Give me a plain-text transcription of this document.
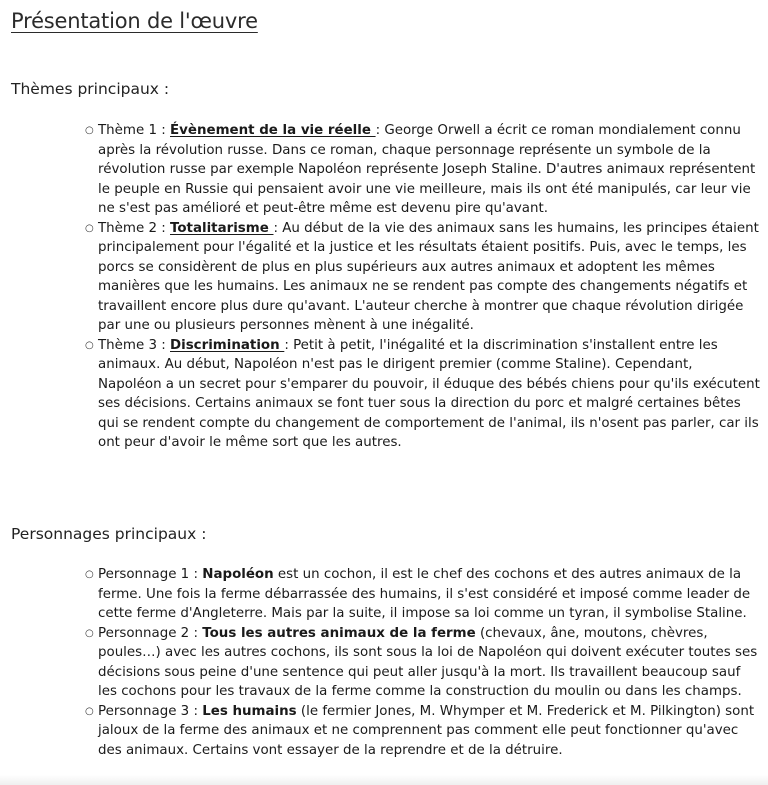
Présentation de l'œuvre
Thèmes principaux :
○ Thème 1 : Évènement de la vie réelle : George Orwell a écrit ce roman mondialement connu après la révolution russe. Dans ce roman, chaque personnage représente un symbole de la révolution russe par exemple Napoléon représente Joseph Staline. D'autres animaux représentent le peuple en Russie qui pensaient avoir une vie meilleure, mais ils ont été manipulés, car leur vie ne s'est pas amélioré et peut-être même est devenu pire qu'avant.
○ Thème 2 : Totalitarisme : Au début de la vie des animaux sans les humains, les principes étaient principalement pour l'égalité et la justice et les résultats étaient positifs. Puis, avec le temps, les porcs se considèrent de plus en plus supérieurs aux autres animaux et adoptent les mêmes manières que les humains. Les animaux ne se rendent pas compte des changements négatifs et travaillent encore plus dure qu'avant. L'auteur cherche à montrer que chaque révolution dirigée par une ou plusieurs personnes mènent à une inégalité.
○ Thème 3 : Discrimination : Petit à petit, l'inégalité et la discrimination s'installent entre les animaux. Au début, Napoléon n'est pas le dirigent premier (comme Staline). Cependant, Napoléon a un secret pour s'emparer du pouvoir, il éduque des bébés chiens pour qu'ils exécutent ses décisions. Certains animaux se font tuer sous la direction du porc et malgré certaines bêtes qui se rendent compte du changement de comportement de l'animal, ils n'osent pas parler, car ils ont peur d'avoir le même sort que les autres.
Personnages principaux :
○ Personnage 1 : Napoléon est un cochon, il est le chef des cochons et des autres animaux de la ferme. Une fois la ferme débarrassée des humains, il s'est considéré et imposé comme leader de cette ferme d'Angleterre. Mais par la suite, il impose sa loi comme un tyran, il symbolise Staline.
○ Personnage 2 : Tous les autres animaux de la ferme (chevaux, âne, moutons, chèvres, poules…) avec les autres cochons, ils sont sous la loi de Napoléon qui doivent exécuter toutes ses décisions sous peine d'une sentence qui peut aller jusqu'à la mort. Ils travaillent beaucoup sauf les cochons pour les travaux de la ferme comme la construction du moulin ou dans les champs.
○ Personnage 3 : Les humains (le fermier Jones, M. Whymper et M. Frederick et M. Pilkington) sont jaloux de la ferme des animaux et ne comprennent pas comment elle peut fonctionner qu'avec des animaux. Certains vont essayer de la reprendre et de la détruire.
